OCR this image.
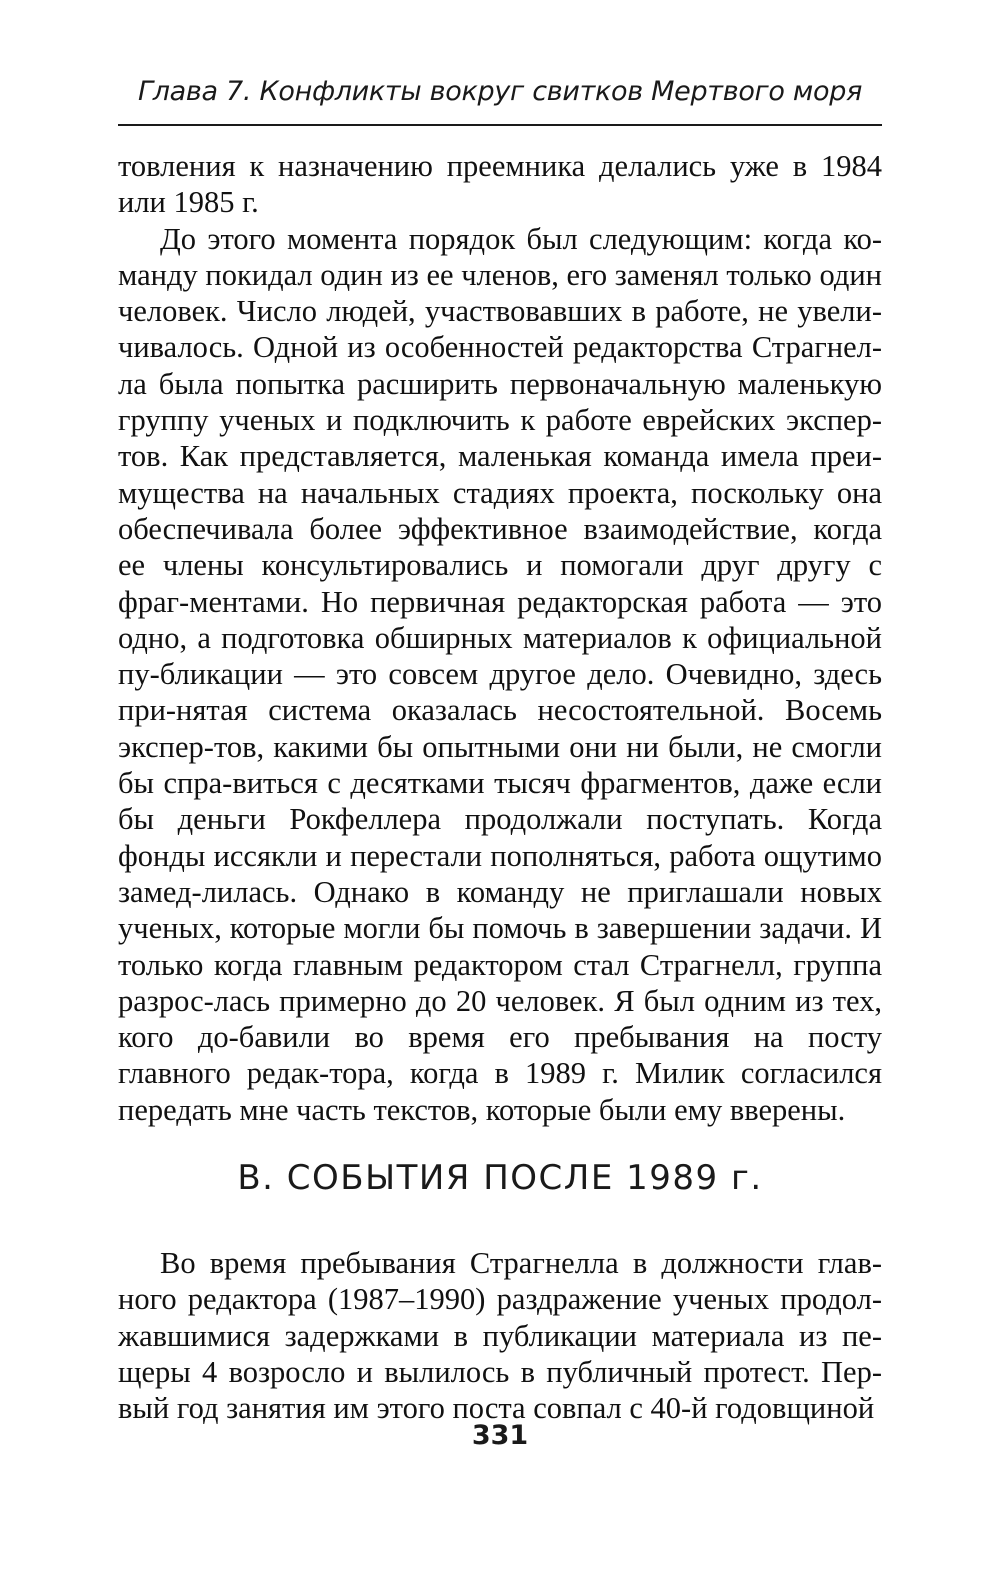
Глава 7. Конфликты вокруг свитков Мертвого моря

товления к назначению преемника делались уже в 1984 или 1985 г.

До этого момента порядок был следующим: когда ко-манду покидал один из ее членов, его заменял только один человек. Число людей, участвовавших в работе, не увели-чивалось. Одной из особенностей редакторства Страгнел-ла была попытка расширить первоначальную маленькую группу ученых и подключить к работе еврейских экспер-тов. Как представляется, маленькая команда имела преи-мущества на начальных стадиях проекта, поскольку она обеспечивала более эффективное взаимодействие, когда ее члены консультировались и помогали друг другу с фраг-ментами. Но первичная редакторская работа — это одно, а подготовка обширных материалов к официальной пу-бликации — это совсем другое дело. Очевидно, здесь при-нятая система оказалась несостоятельной. Восемь экспер-тов, какими бы опытными они ни были, не смогли бы спра-виться с десятками тысяч фрагментов, даже если бы деньги Рокфеллера продолжали поступать. Когда фонды иссякли и перестали пополняться, работа ощутимо замед-лилась. Однако в команду не приглашали новых ученых, которые могли бы помочь в завершении задачи. И только когда главным редактором стал Страгнелл, группа разрос-лась примерно до 20 человек. Я был одним из тех, кого до-бавили во время его пребывания на посту главного редак-тора, когда в 1989 г. Милик согласился передать мне часть текстов, которые были ему вверены.

В. СОБЫТИЯ ПОСЛЕ 1989 г.

Во время пребывания Страгнелла в должности глав-ного редактора (1987–1990) раздражение ученых продол-жавшимися задержками в публикации материала из пе-щеры 4 возросло и вылилось в публичный протест. Пер-вый год занятия им этого поста совпал с 40-й годовщиной

331
